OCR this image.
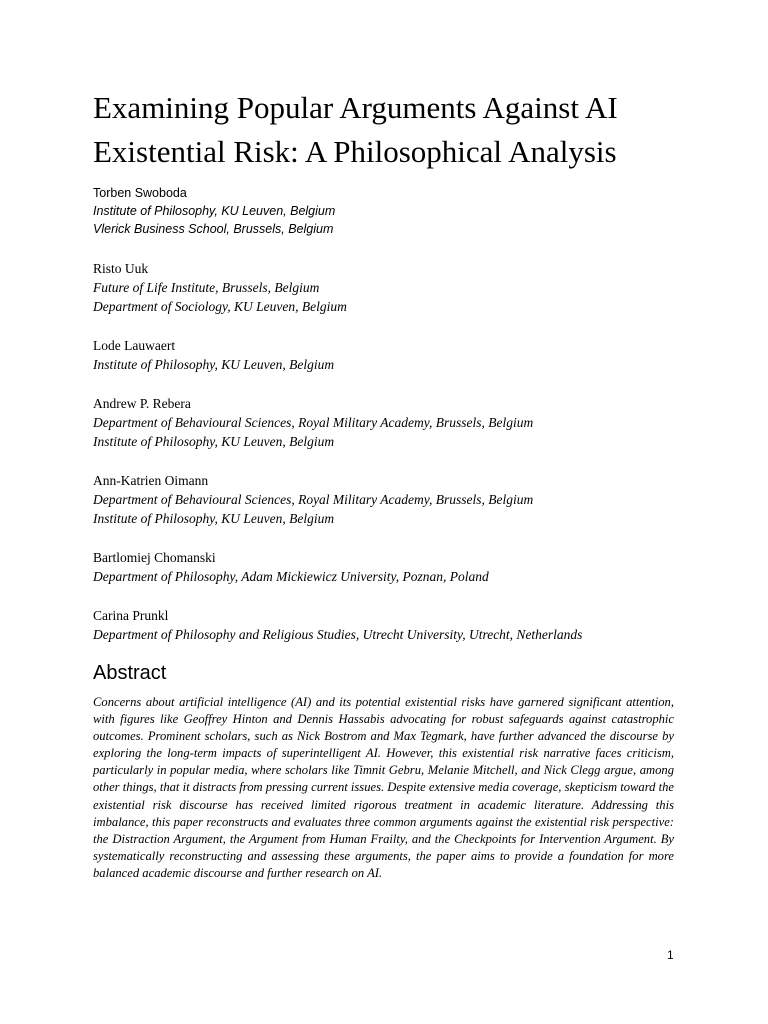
Examining Popular Arguments Against AI
Existential Risk: A Philosophical Analysis
Torben Swoboda
Institute of Philosophy, KU Leuven, Belgium
Vlerick Business School, Brussels, Belgium
Risto Uuk
Future of Life Institute, Brussels, Belgium
Department of Sociology, KU Leuven, Belgium
Lode Lauwaert
Institute of Philosophy, KU Leuven, Belgium
Andrew P. Rebera
Department of Behavioural Sciences, Royal Military Academy, Brussels, Belgium
Institute of Philosophy, KU Leuven, Belgium
Ann-Katrien Oimann
Department of Behavioural Sciences, Royal Military Academy, Brussels, Belgium
Institute of Philosophy, KU Leuven, Belgium
Bartlomiej Chomanski
Department of Philosophy, Adam Mickiewicz University, Poznan, Poland
Carina Prunkl
Department of Philosophy and Religious Studies, Utrecht University, Utrecht, Netherlands
Abstract

Concerns about artificial intelligence (AI) and its potential existential risks have garnered significant attention, with figures like Geoffrey Hinton and Dennis Hassabis advocating for robust safeguards against catastrophic outcomes. Prominent scholars, such as Nick Bostrom and Max Tegmark, have further advanced the discourse by exploring the long-term impacts of superintelligent AI. However, this existential risk narrative faces criticism, particularly in popular media, where scholars like Timnit Gebru, Melanie Mitchell, and Nick Clegg argue, among other things, that it distracts from pressing current issues. Despite extensive media coverage, skepticism toward the existential risk discourse has received limited rigorous treatment in academic literature. Addressing this imbalance, this paper reconstructs and evaluates three common arguments against the existential risk perspective: the Distraction Argument, the Argument from Human Frailty, and the Checkpoints for Intervention Argument. By systematically reconstructing and assessing these arguments, the paper aims to provide a foundation for more balanced academic discourse and further research on AI.

1
